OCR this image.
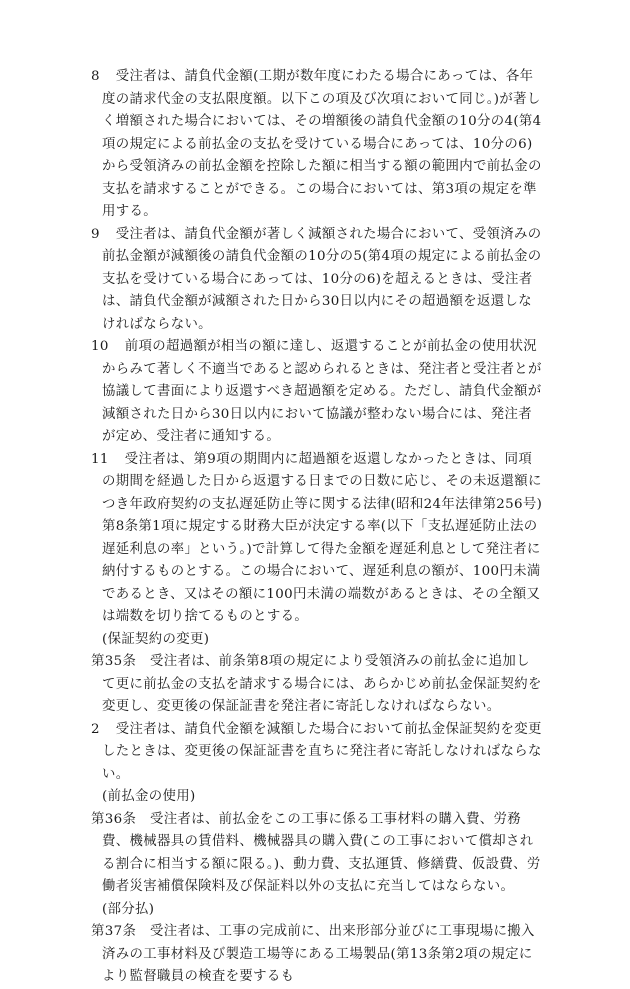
8　 受注者は、請負代金額(工期が数年度にわたる場合にあっては、各年度の請求代金の支払限度額。以下この項及び次項において同じ。)が著しく増額された場合においては、その増額後の請負代金額の10分の4(第4項の規定による前払金の支払を受けている場合にあっては、10分の6)から受領済みの前払金額を控除した額に相当する額の範囲内で前払金の支払を請求することができる。この場合においては、第3項の規定を準用する。

9　 受注者は、請負代金額が著しく減額された場合において、受領済みの前払金額が減額後の請負代金額の10分の5(第4項の規定による前払金の支払を受けている場合にあっては、10分の6)を超えるときは、受注者は、請負代金額が減額された日から30日以内にその超過額を返還しなければならない。

10　 前項の超過額が相当の額に達し、返還することが前払金の使用状況からみて著しく不適当であると認められるときは、発注者と受注者とが協議して書面により返還すべき超過額を定める。ただし、請負代金額が減額された日から30日以内において協議が整わない場合には、発注者が定め、受注者に通知する。

11　 受注者は、第9項の期間内に超過額を返還しなかったときは、同項の期間を経過した日から返還する日までの日数に応じ、その未返還額につき年政府契約の支払遅延防止等に関する法律(昭和24年法律第256号)第8条第1項に規定する財務大臣が決定する率(以下「支払遅延防止法の遅延利息の率」という。)で計算して得た金額を遅延利息として発注者に納付するものとする。この場合において、遅延利息の額が、100円未満であるとき、又はその額に100円未満の端数があるときは、その全額又は端数を切り捨てるものとする。

(保証契約の変更)

第35条　 受注者は、前条第8項の規定により受領済みの前払金に追加して更に前払金の支払を請求する場合には、あらかじめ前払金保証契約を変更し、変更後の保証証書を発注者に寄託しなければならない。

2　 受注者は、請負代金額を減額した場合において前払金保証契約を変更したときは、変更後の保証証書を直ちに発注者に寄託しなければならない。

(前払金の使用)

第36条　 受注者は、前払金をこの工事に係る工事材料の購入費、労務費、機械器具の賃借料、機械器具の購入費(この工事において償却される割合に相当する額に限る。)、動力費、支払運賃、修繕費、仮設費、労働者災害補償保険料及び保証料以外の支払に充当してはならない。

(部分払)

第37条　 受注者は、工事の完成前に、出来形部分並びに工事現場に搬入済みの工事材料及び製造工場等にある工場製品(第13条第2項の規定により監督職員の検査を要するも
